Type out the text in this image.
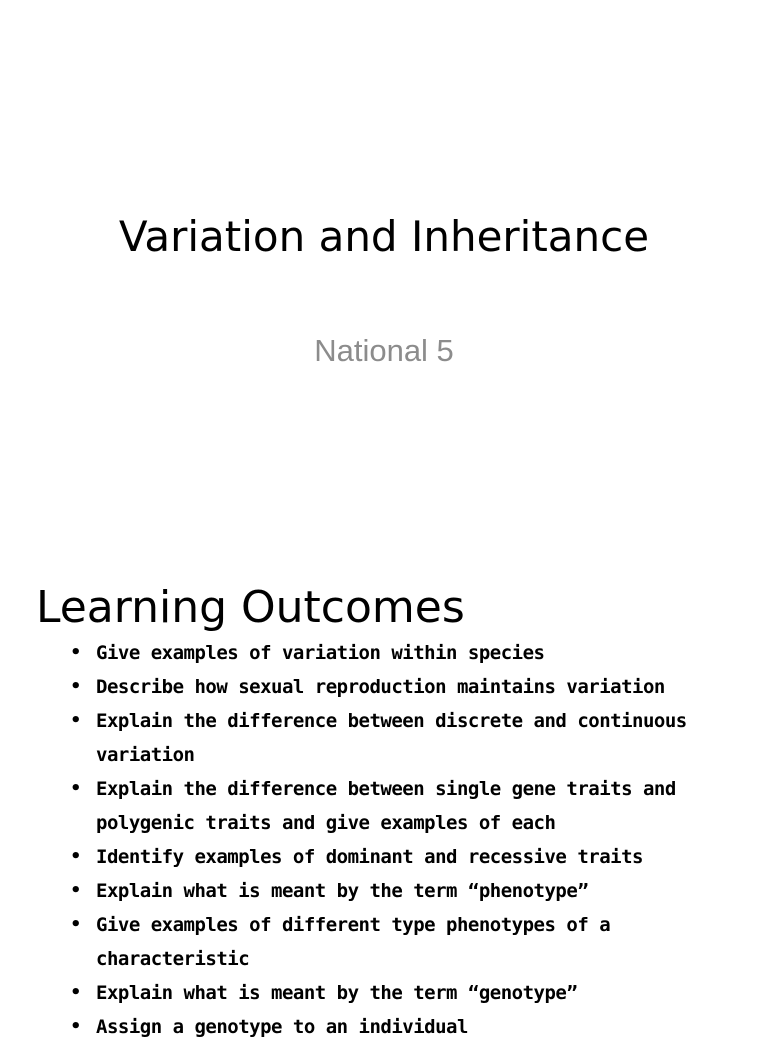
Variation and Inheritance

National 5

Learning Outcomes
• Give examples of variation within species
• Describe how sexual reproduction maintains variation
• Explain the difference between discrete and continuous variation
• Explain the difference between single gene traits and polygenic traits and give examples of each
• Identify examples of dominant and recessive traits
• Explain what is meant by the term “phenotype”
• Give examples of different type phenotypes of a characteristic
• Explain what is meant by the term “genotype”
• Assign a genotype to an individual
